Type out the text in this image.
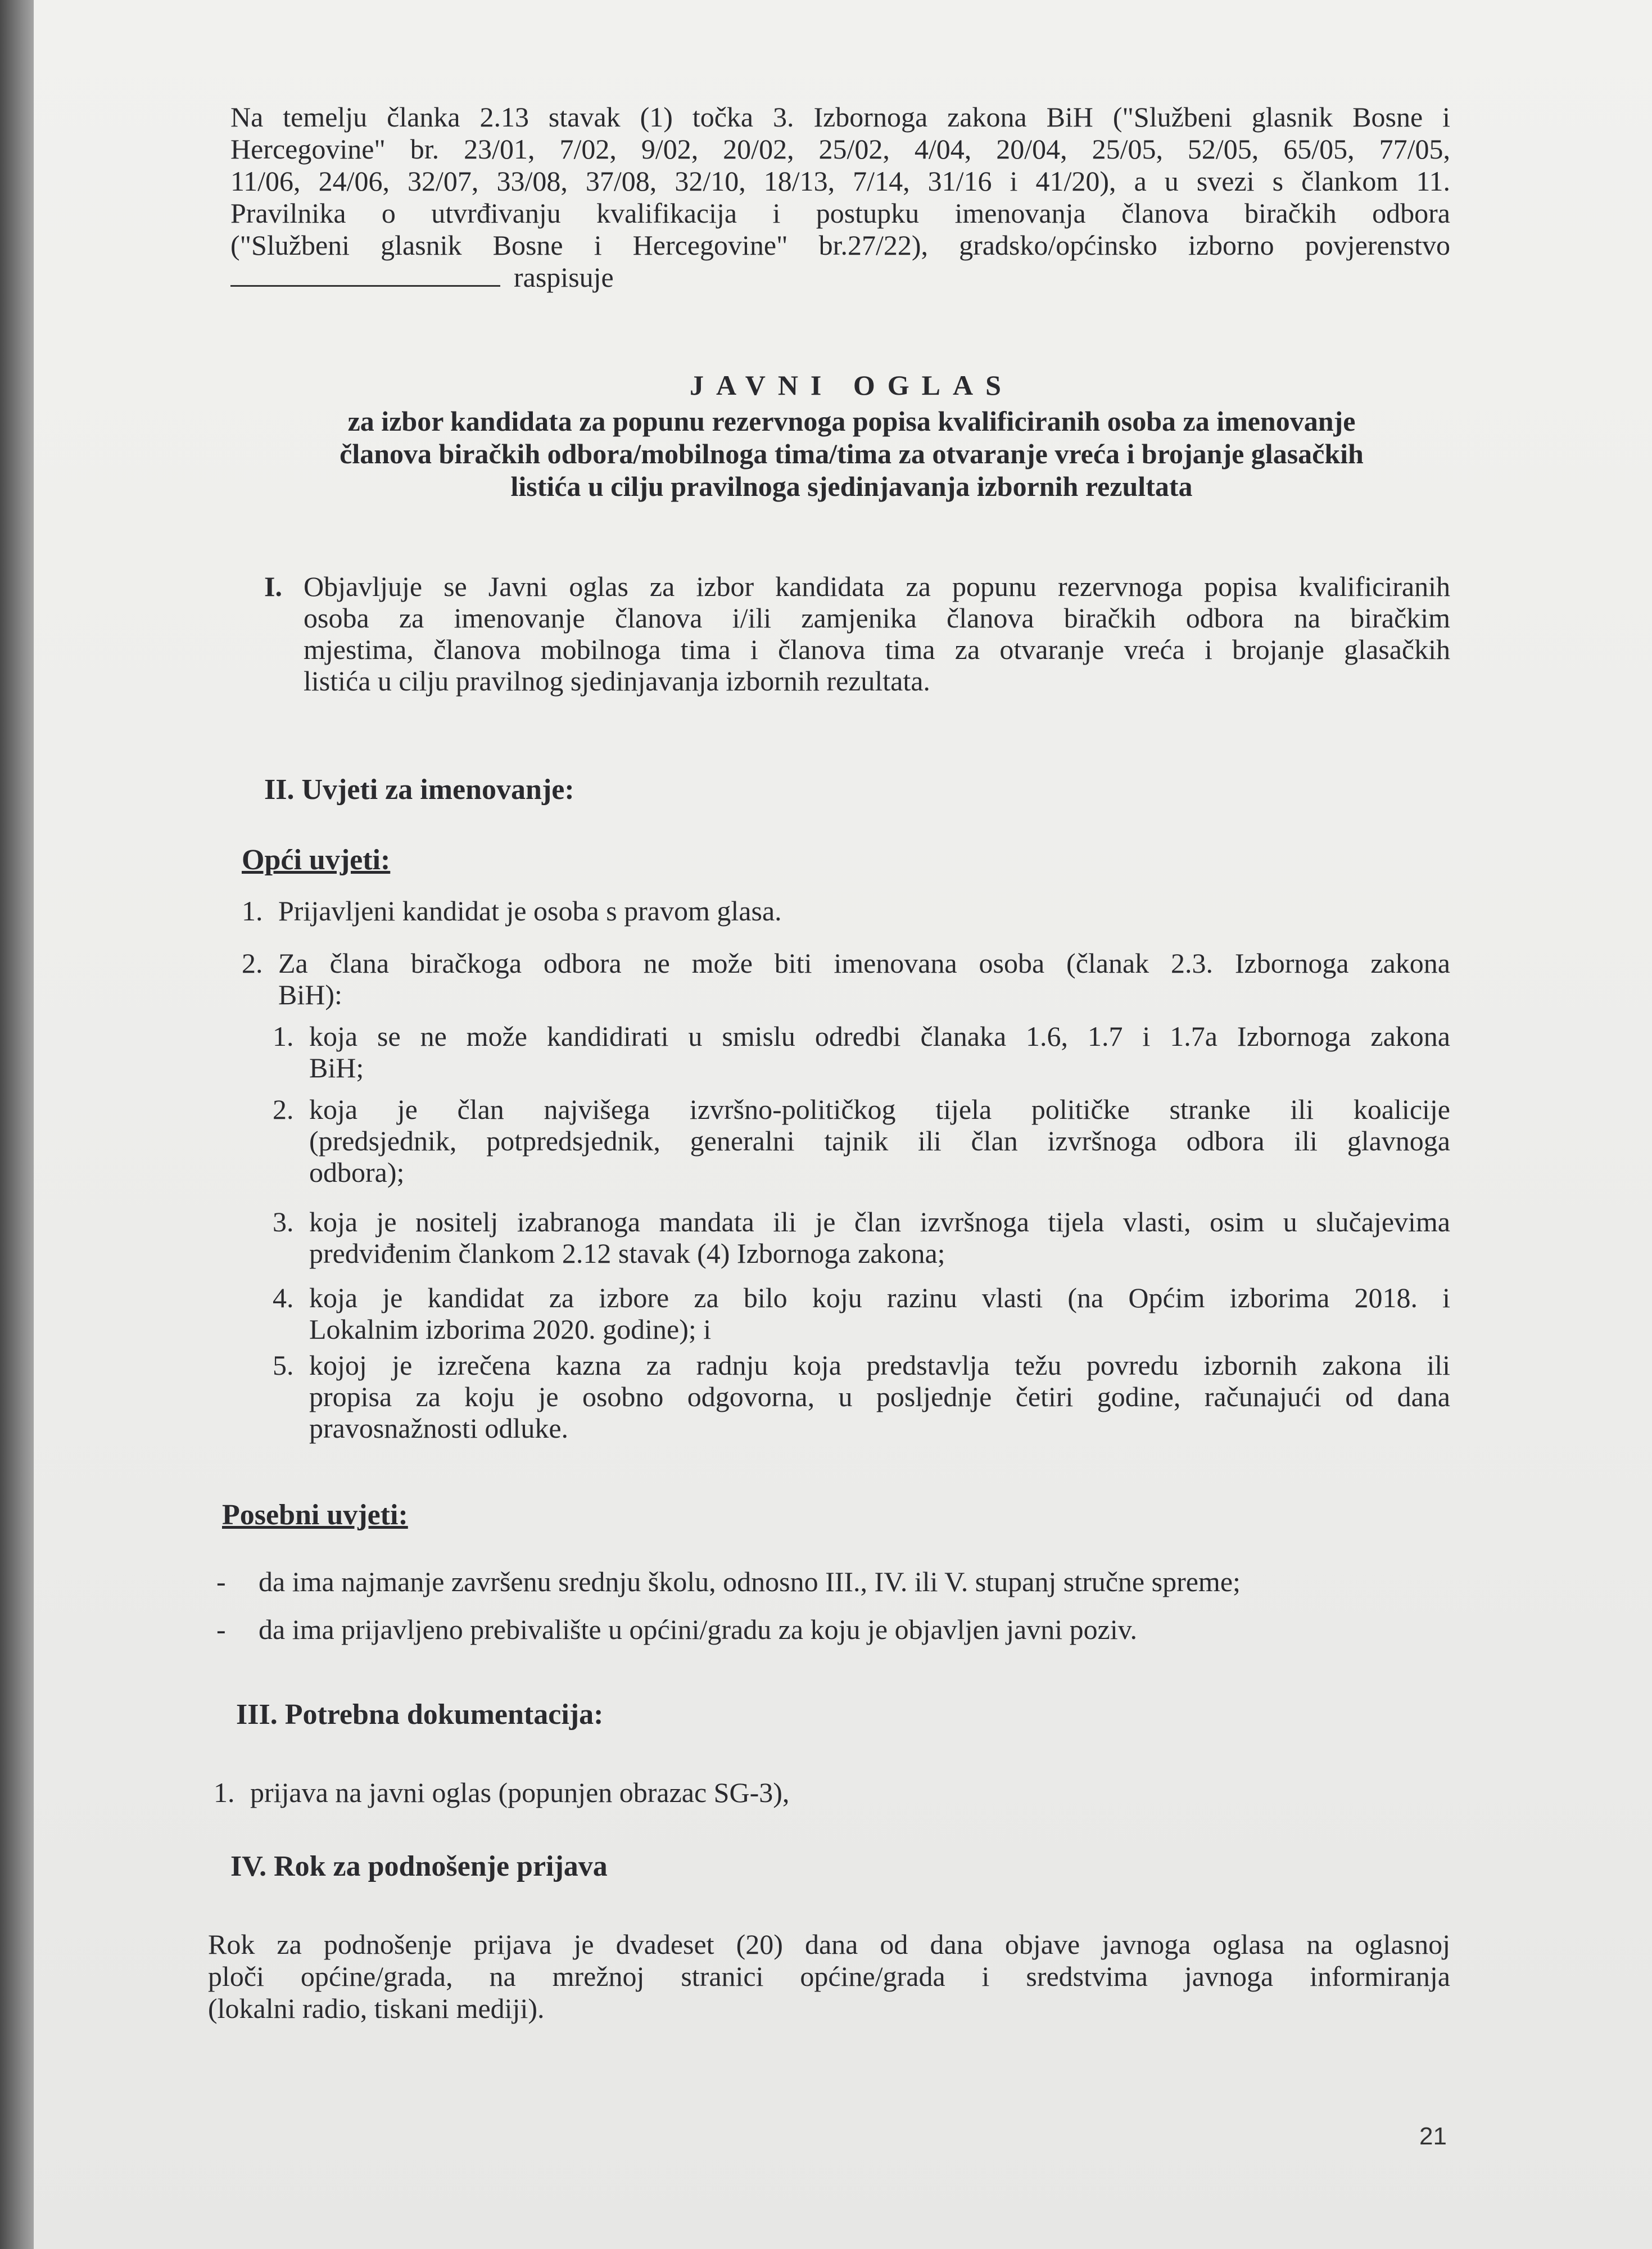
Na temelju članka 2.13 stavak (1) točka 3. Izbornoga zakona BiH ("Službeni glasnik Bosne i
Hercegovine" br. 23/01, 7/02, 9/02, 20/02, 25/02, 4/04, 20/04, 25/05, 52/05, 65/05, 77/05,
11/06, 24/06, 32/07, 33/08, 37/08, 32/10, 18/13, 7/14, 31/16 i 41/20), a u svezi s člankom 11.
Pravilnika o utvrđivanju kvalifikacija i postupku imenovanja članova biračkih odbora
("Službeni glasnik Bosne i Hercegovine" br.27/22), gradsko/općinsko izborno povjerenstvo
raspisuje
JAVNI OGLAS
za izbor kandidata za popunu rezervnoga popisa kvalificiranih osoba za imenovanje
članova biračkih odbora/mobilnoga tima/tima za otvaranje vreća i brojanje glasačkih
listića u cilju pravilnoga sjedinjavanja izbornih rezultata
I. Objavljuje se Javni oglas za izbor kandidata za popunu rezervnoga popisa kvalificiranih
osoba za imenovanje članova i/ili zamjenika članova biračkih odbora na biračkim
mjestima, članova mobilnoga tima i članova tima za otvaranje vreća i brojanje glasačkih
listića u cilju pravilnog sjedinjavanja izbornih rezultata.
II. Uvjeti za imenovanje:
Opći uvjeti:
1. Prijavljeni kandidat je osoba s pravom glasa.
2. Za člana biračkoga odbora ne može biti imenovana osoba (članak 2.3. Izbornoga zakona
BiH):
1. koja se ne može kandidirati u smislu odredbi članaka 1.6, 1.7 i 1.7a Izbornoga zakona
BiH;
2. koja je član najvišega izvršno-političkog tijela političke stranke ili koalicije
(predsjednik, potpredsjednik, generalni tajnik ili član izvršnoga odbora ili glavnoga
odbora);
3. koja je nositelj izabranoga mandata ili je član izvršnoga tijela vlasti, osim u slučajevima
predviđenim člankom 2.12 stavak (4) Izbornoga zakona;
4. koja je kandidat za izbore za bilo koju razinu vlasti (na Općim izborima 2018. i
Lokalnim izborima 2020. godine); i
5. kojoj je izrečena kazna za radnju koja predstavlja težu povredu izbornih zakona ili
propisa za koju je osobno odgovorna, u posljednje četiri godine, računajući od dana
pravosnažnosti odluke.
Posebni uvjeti:
- da ima najmanje završenu srednju školu, odnosno III., IV. ili V. stupanj stručne spreme;
- da ima prijavljeno prebivalište u općini/gradu za koju je objavljen javni poziv.
III. Potrebna dokumentacija:
1. prijava na javni oglas (popunjen obrazac SG-3),
IV. Rok za podnošenje prijava
Rok za podnošenje prijava je dvadeset (20) dana od dana objave javnoga oglasa na oglasnoj
ploči općine/grada, na mrežnoj stranici općine/grada i sredstvima javnoga informiranja
(lokalni radio, tiskani mediji).
21
